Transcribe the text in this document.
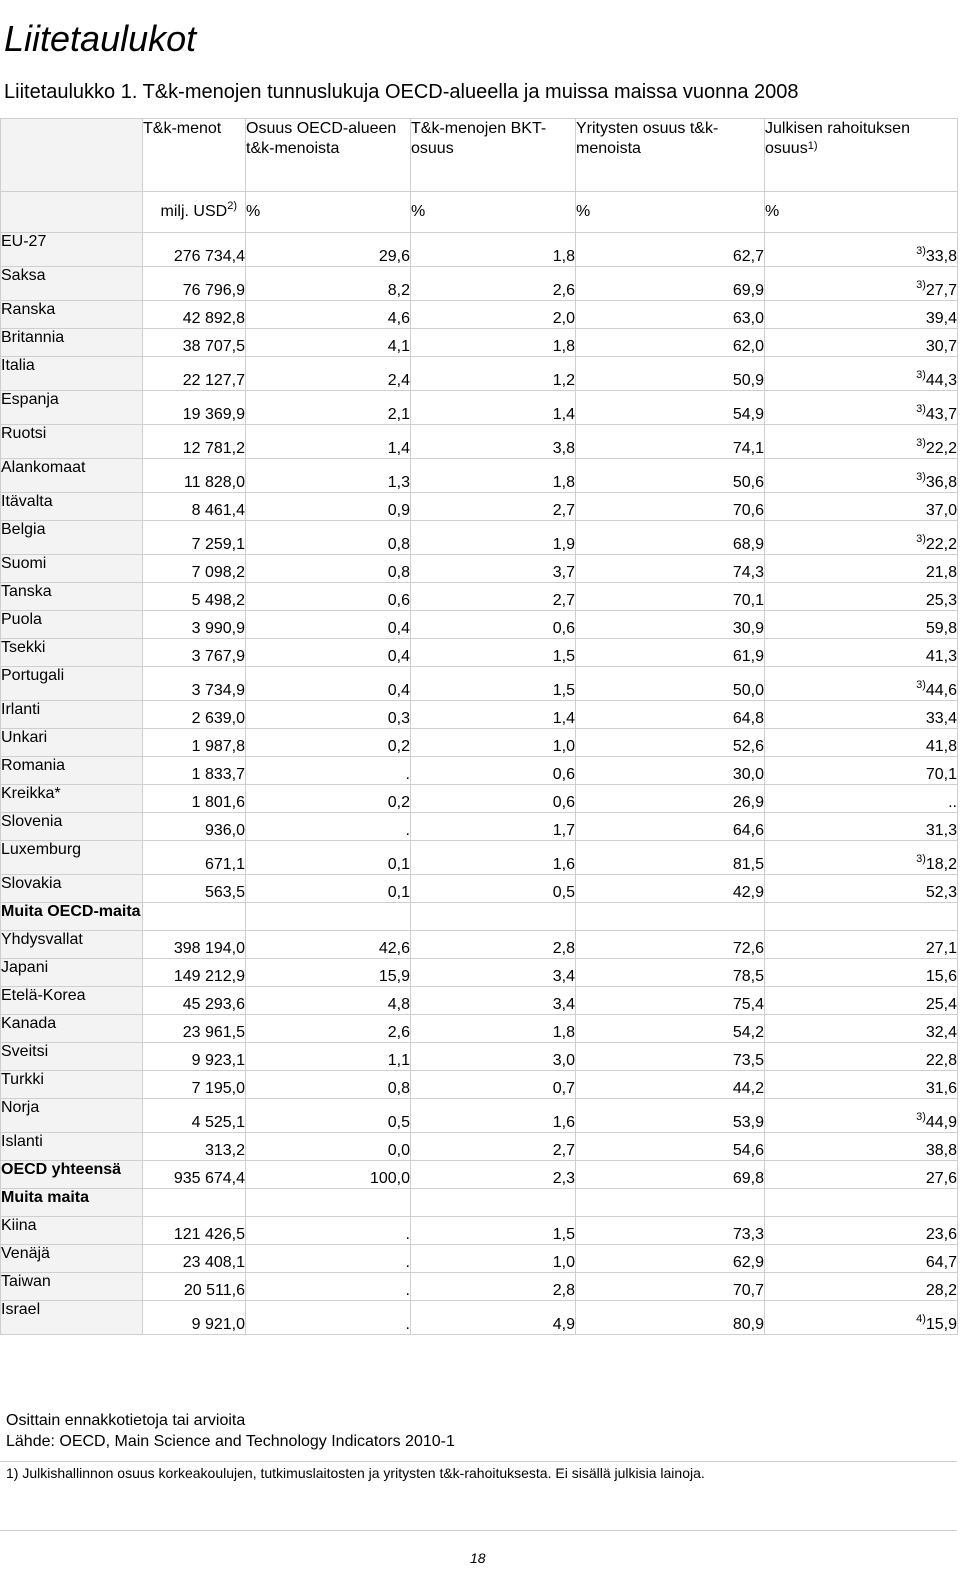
Liitetaulukot
Liitetaulukko 1. T&k-menojen tunnuslukuja OECD-alueella ja muissa maissa vuonna 2008
	T&k-menot	Osuus OECD-alueen t&k-menoista	T&k-menojen BKT-osuus	Yritysten osuus t&k-menoista	Julkisen rahoituksen osuus$^{1)}$
	milj. USD$^{2)}$	%	%	%	%
EU-27	276 734,4	29,6	1,8	62,7	$^{3)}$33,8
Saksa	76 796,9	8,2	2,6	69,9	$^{3)}$27,7
Ranska	42 892,8	4,6	2,0	63,0	39,4
Britannia	38 707,5	4,1	1,8	62,0	30,7
Italia	22 127,7	2,4	1,2	50,9	$^{3)}$44,3
Espanja	19 369,9	2,1	1,4	54,9	$^{3)}$43,7
Ruotsi	12 781,2	1,4	3,8	74,1	$^{3)}$22,2
Alankomaat	11 828,0	1,3	1,8	50,6	$^{3)}$36,8
Itävalta	8 461,4	0,9	2,7	70,6	37,0
Belgia	7 259,1	0,8	1,9	68,9	$^{3)}$22,2
Suomi	7 098,2	0,8	3,7	74,3	21,8
Tanska	5 498,2	0,6	2,7	70,1	25,3
Puola	3 990,9	0,4	0,6	30,9	59,8
Tsekki	3 767,9	0,4	1,5	61,9	41,3
Portugali	3 734,9	0,4	1,5	50,0	$^{3)}$44,6
Irlanti	2 639,0	0,3	1,4	64,8	33,4
Unkari	1 987,8	0,2	1,0	52,6	41,8
Romania	1 833,7	.	0,6	30,0	70,1
Kreikka*	1 801,6	0,2	0,6	26,9	..
Slovenia	936,0	.	1,7	64,6	31,3
Luxemburg	671,1	0,1	1,6	81,5	$^{3)}$18,2
Slovakia	563,5	0,1	0,5	42,9	52,3
Muita OECD-maita					
Yhdysvallat	398 194,0	42,6	2,8	72,6	27,1
Japani	149 212,9	15,9	3,4	78,5	15,6
Etelä-Korea	45 293,6	4,8	3,4	75,4	25,4
Kanada	23 961,5	2,6	1,8	54,2	32,4
Sveitsi	9 923,1	1,1	3,0	73,5	22,8
Turkki	7 195,0	0,8	0,7	44,2	31,6
Norja	4 525,1	0,5	1,6	53,9	$^{3)}$44,9
Islanti	313,2	0,0	2,7	54,6	38,8
OECD yhteensä	935 674,4	100,0	2,3	69,8	27,6
Muita maita					
Kiina	121 426,5	.	1,5	73,3	23,6
Venäjä	23 408,1	.	1,0	62,9	64,7
Taiwan	20 511,6	.	2,8	70,7	28,2
Israel	9 921,0	.	4,9	80,9	$^{4)}$15,9
Osittain ennakkotietoja tai arvioita
Lähde: OECD, Main Science and Technology Indicators 2010-1
1) Julkishallinnon osuus korkeakoulujen, tutkimuslaitosten ja yritysten t&k-rahoituksesta. Ei sisällä julkisia lainoja.
18
